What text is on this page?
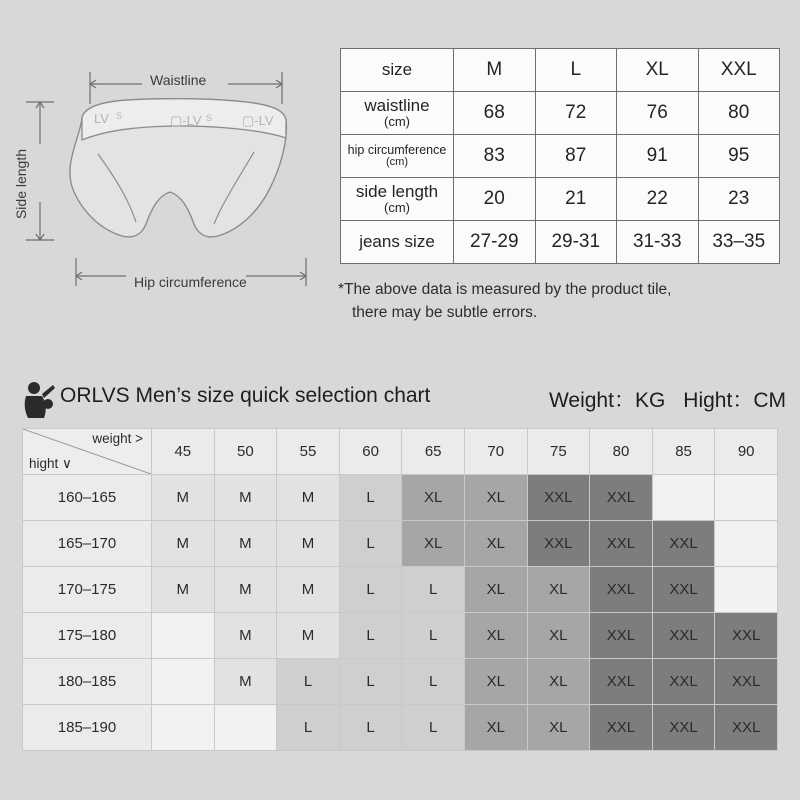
LV S	▢-LV S ▢-LV
Waistline
Hip circumference
Side length
size	M	L	XL	XXL
waistline
(cm)	68	72	76	80
hip circumference
(cm)	83	87	91	95
side length
(cm)	20	21	22	23
jeans size	27-29	29-31	31-33	33–35
*The above data is measured by the product tile,
there may be subtle errors.
ORLVS Men’s size quick selection chart	Weight：KG Hight：CM
weight >
hight ∨	45	50	55	60	65	70	75	80	85	90
160–165	M	M	M	L	XL	XL	XXL	XXL		
165–170	M	M	M	L	XL	XL	XXL	XXL	XXL	
170–175	M	M	M	L	L	XL	XL	XXL	XXL	
175–180		M	M	L	L	XL	XL	XXL	XXL	XXL
180–185		M	L	L	L	XL	XL	XXL	XXL	XXL
185–190			L	L	L	XL	XL	XXL	XXL	XXL
